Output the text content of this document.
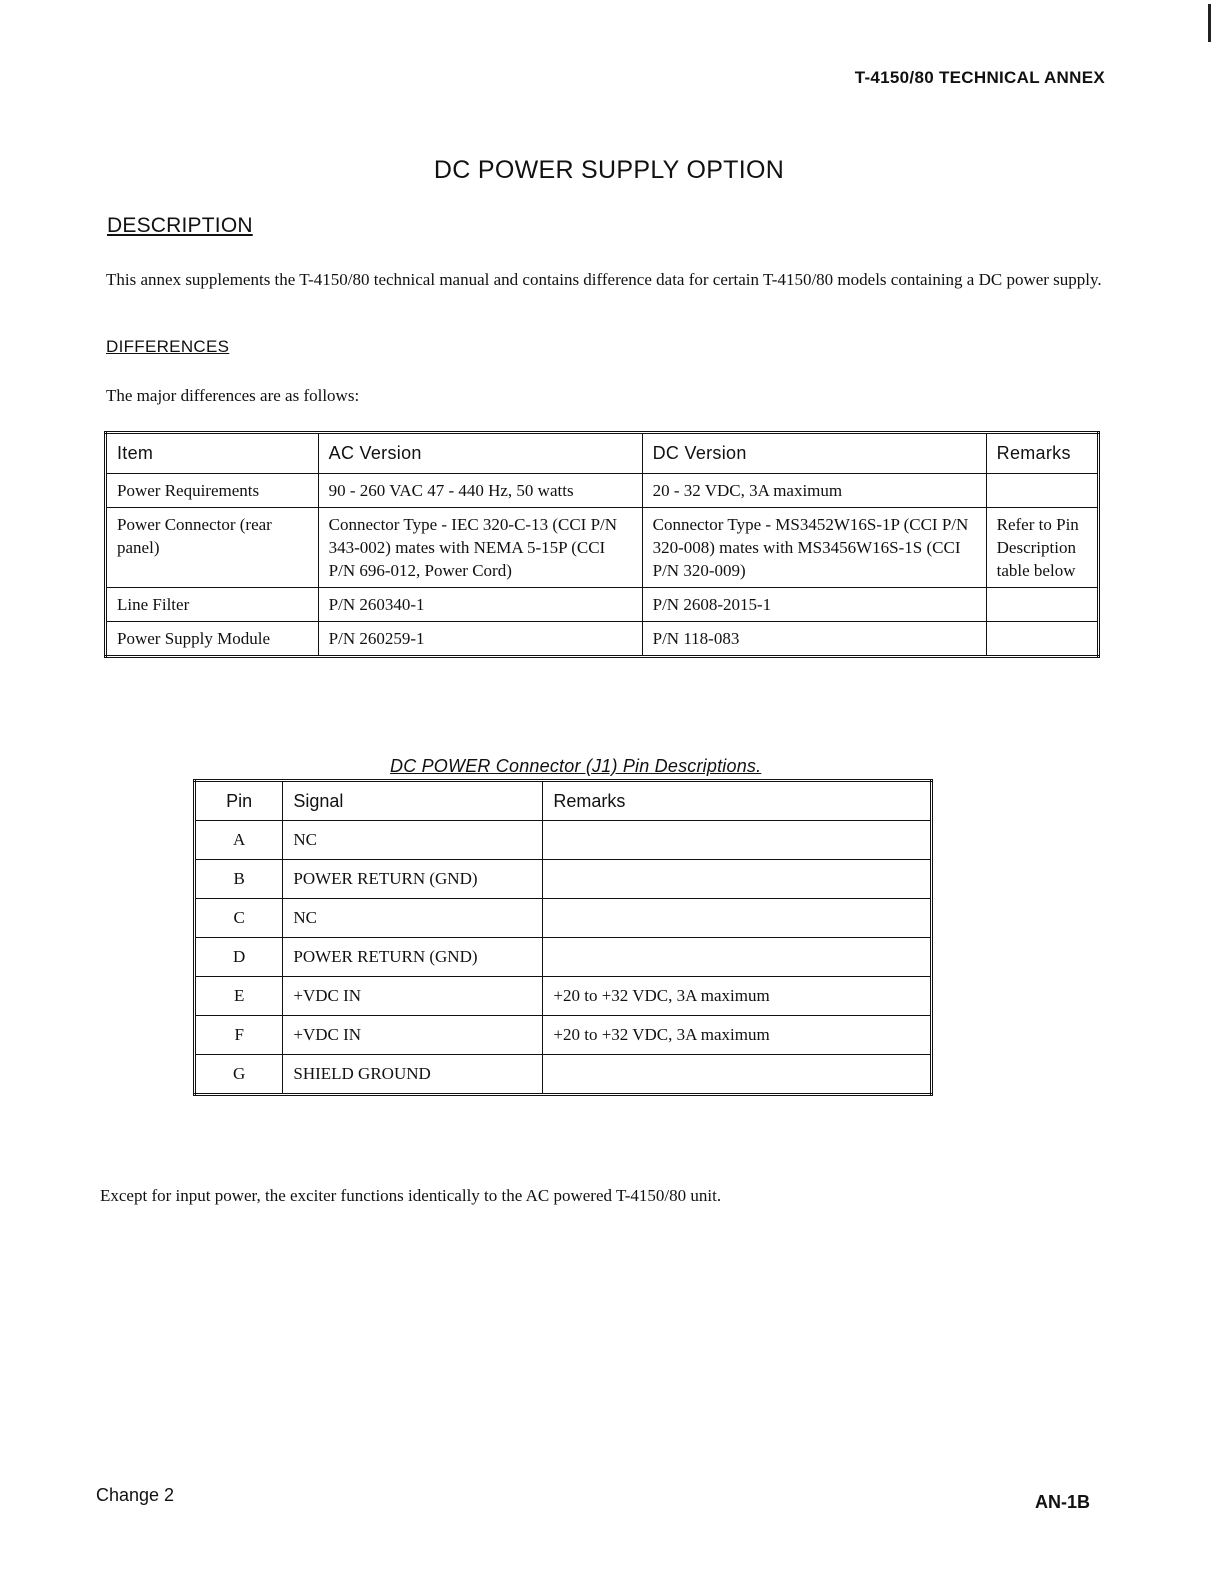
T-4150/80 TECHNICAL ANNEX
DC POWER SUPPLY OPTION
DESCRIPTION
This annex supplements the T-4150/80 technical manual and contains difference data for certain T-4150/80 models containing a DC power supply.
DIFFERENCES
The major differences are as follows:
Item	AC Version	DC Version	Remarks
Power Requirements	90 - 260 VAC 47 - 440 Hz, 50 watts	20 - 32 VDC, 3A maximum	
Power Connector (rear panel)	Connector Type - IEC 320-C-13 (CCI P/N 343-002) mates with NEMA 5-15P (CCI P/N 696-012, Power Cord)	Connector Type - MS3452W16S-1P (CCI P/N 320-008) mates with MS3456W16S-1S (CCI P/N 320-009)	Refer to Pin Description table below
Line Filter	P/N 260340-1	P/N 2608-2015-1	
Power Supply Module	P/N 260259-1	P/N 118-083	
DC POWER Connector (J1) Pin Descriptions.
Pin	Signal	Remarks
A	NC	
B	POWER RETURN (GND)	
C	NC	
D	POWER RETURN (GND)	
E	+VDC IN	+20 to +32 VDC, 3A maximum
F	+VDC IN	+20 to +32 VDC, 3A maximum
G	SHIELD GROUND	
Except for input power, the exciter functions identically to the AC powered T-4150/80 unit.
Change 2	AN-1B
